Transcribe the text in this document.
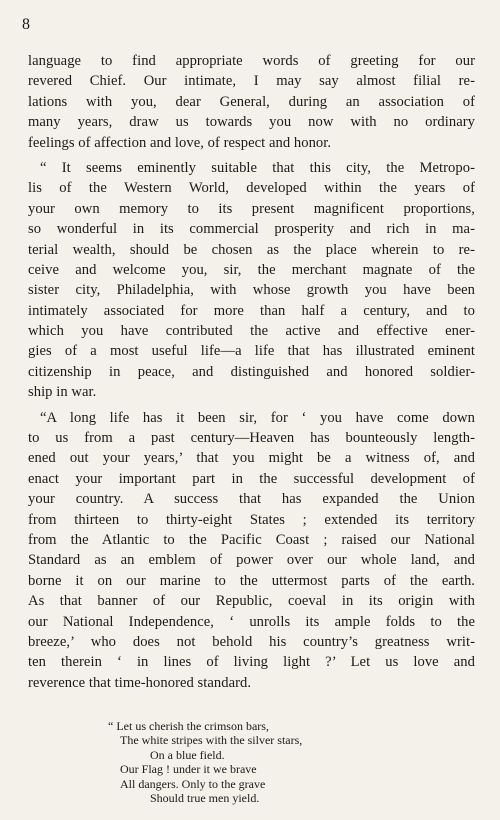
8
language to find appropriate words of greeting for our
revered Chief. Our intimate, I may say almost filial re-
lations with you, dear General, during an association of
many years, draw us towards you now with no ordinary
feelings of affection and love, of respect and honor.
“ It seems eminently suitable that this city, the Metropo-
lis of the Western World, developed within the years of
your own memory to its present magnificent proportions,
so wonderful in its commercial prosperity and rich in ma-
terial wealth, should be chosen as the place wherein to re-
ceive and welcome you, sir, the merchant magnate of the
sister city, Philadelphia, with whose growth you have been
intimately associated for more than half a century, and to
which you have contributed the active and effective ener-
gies of a most useful life—a life that has illustrated eminent
citizenship in peace, and distinguished and honored soldier-
ship in war.
“A long life has it been sir, for ‘ you have come down
to us from a past century—Heaven has bounteously length-
ened out your years,’ that you might be a witness of, and
enact your important part in the successful development of
your country. A success that has expanded the Union
from thirteen to thirty-eight States ; extended its territory
from the Atlantic to the Pacific Coast ; raised our National
Standard as an emblem of power over our whole land, and
borne it on our marine to the uttermost parts of the earth.
As that banner of our Republic, coeval in its origin with
our National Independence, ‘ unrolls its ample folds to the
breeze,’ who does not behold his country’s greatness writ-
ten therein ‘ in lines of living light ?’ Let us love and
reverence that time-honored standard.
“ Let us cherish the crimson bars,
The white stripes with the silver stars,
On a blue field.
Our Flag ! under it we brave
All dangers. Only to the grave
Should true men yield.
